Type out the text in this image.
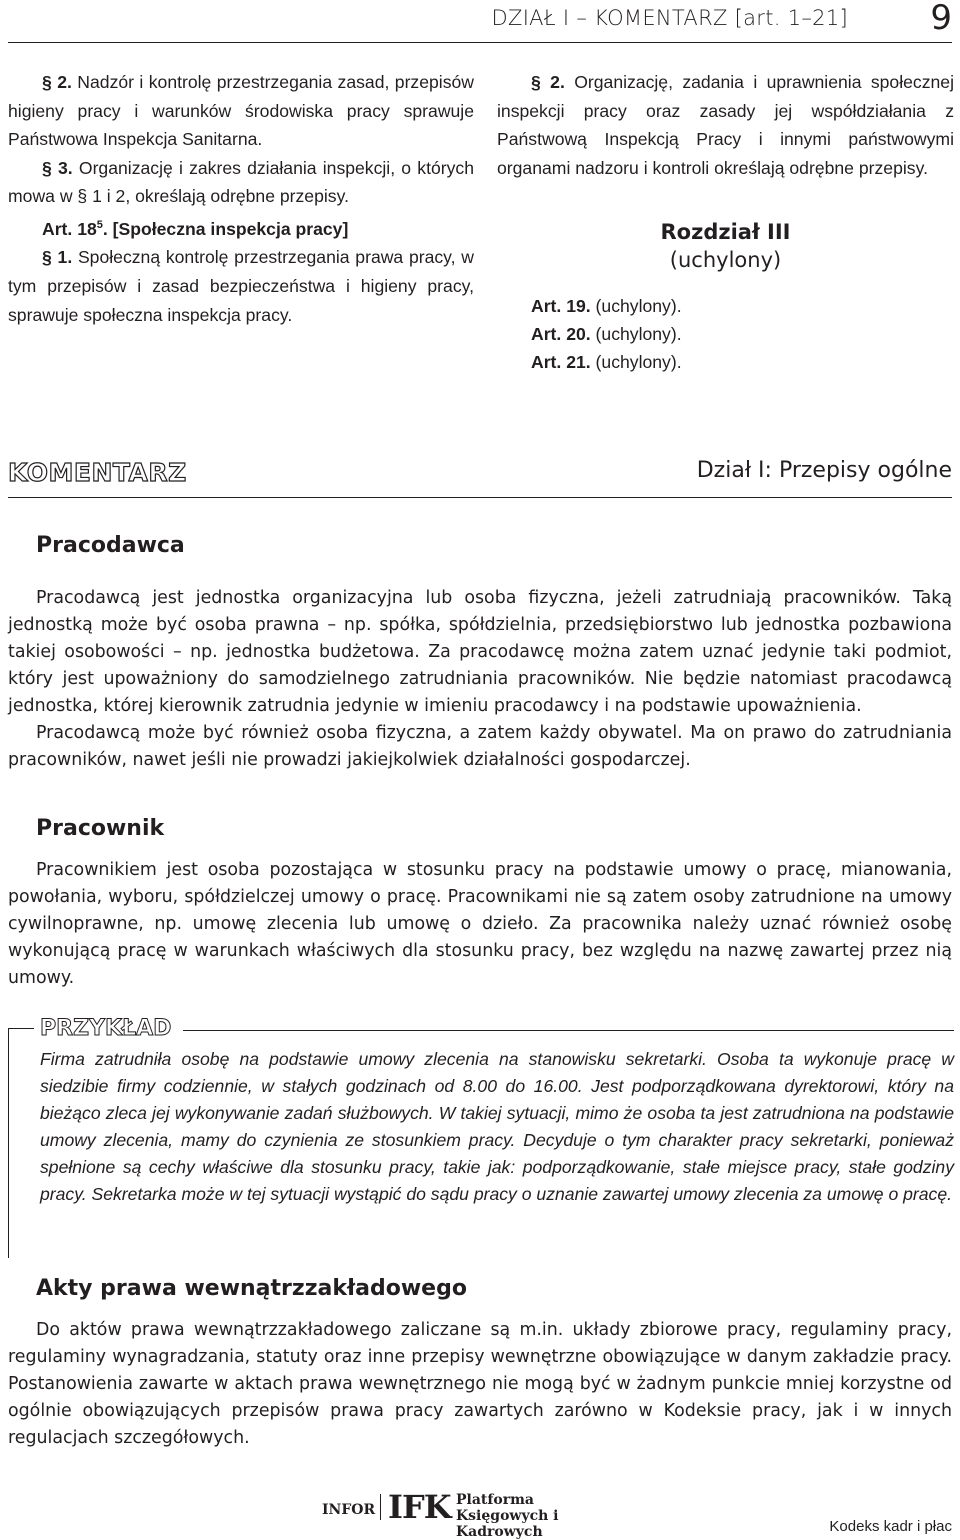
DZIAŁ I – KOMENTARZ [art. 1–21] 9

§ 2. Nadzór i kontrolę przestrzegania zasad, przepisów higieny pracy i warunków środowiska pracy sprawuje Państwowa Inspekcja Sanitarna.

§ 3. Organizację i zakres działania inspekcji, o których mowa w § 1 i 2, określają odrębne przepisy.

Art. $18^5$. [Społeczna inspekcja pracy]

§ 1. Społeczną kontrolę przestrzegania prawa pracy, w tym przepisów i zasad bezpieczeństwa i higieny pracy, sprawuje społeczna inspekcja pracy.

§ 2. Organizację, zadania i uprawnienia społecznej inspekcji pracy oraz zasady jej współdziałania z Państwową Inspekcją Pracy i innymi państwowymi organami nadzoru i kontroli określają odrębne przepisy.

Rozdział III
(uchylony)

Art. 19. (uchylony).

Art. 20. (uchylony).

Art. 21. (uchylony).

KOMENTARZ	Dział I: Przepisy ogólne
Pracodawca

Pracodawcą jest jednostka organizacyjna lub osoba fizyczna, jeżeli zatrudniają pracowników. Taką jednostką może być osoba prawna – np. spółka, spółdzielnia, przedsiębiorstwo lub jednostka pozbawiona takiej osobowości – np. jednostka budżetowa. Za pracodawcę można zatem uznać jedynie taki podmiot, który jest upoważniony do samodzielnego zatrudniania pracowników. Nie będzie natomiast pracodawcą jednostka, której kierownik zatrudnia jedynie w imieniu pracodawcy i na podstawie upoważnienia.

Pracodawcą może być również osoba fizyczna, a zatem każdy obywatel. Ma on prawo do zatrudniania pracowników, nawet jeśli nie prowadzi jakiejkolwiek działalności gospodarczej.

Pracownik

Pracownikiem jest osoba pozostająca w stosunku pracy na podstawie umowy o pracę, mianowania, powołania, wyboru, spółdzielczej umowy o pracę. Pracownikami nie są zatem osoby zatrudnione na umowy cywilnoprawne, np. umowę zlecenia lub umowę o dzieło. Za pracownika należy uznać również osobę wykonującą pracę w warunkach właściwych dla stosunku pracy, bez względu na nazwę zawartej przez nią umowy.

PRZYKŁAD
Firma zatrudniła osobę na podstawie umowy zlecenia na stanowisku sekretarki. Osoba ta wykonuje pracę w siedzibie firmy codziennie, w stałych godzinach od 8.00 do 16.00. Jest podporządkowana dyrektorowi, który na bieżąco zleca jej wykonywanie zadań służbowych. W takiej sytuacji, mimo że osoba ta jest zatrudniona na podstawie umowy zlecenia, mamy do czynienia ze stosunkiem pracy. Decyduje o tym charakter pracy sekretarki, ponieważ spełnione są cechy właściwe dla stosunku pracy, takie jak: podporządkowanie, stałe miejsce pracy, stałe godziny pracy. Sekretarka może w tej sytuacji wystąpić do sądu pracy o uznanie zawartej umowy zlecenia za umowę o pracę.
Akty prawa wewnątrzzakładowego

Do aktów prawa wewnątrzzakładowego zaliczane są m.in. układy zbiorowe pracy, regulaminy pracy, regulaminy wynagradzania, statuty oraz inne przepisy wewnętrzne obowiązujące w danym zakładzie pracy. Postanowienia zawarte w aktach prawa wewnętrznego nie mogą być w żadnym punkcie mniej korzystne od ogólnie obowiązujących przepisów prawa pracy zawartych zarówno w Kodeksie pracy, jak i w innych regulacjach szczegółowych.

INFOR IFK Platforma
Księgowych i Kadrowych	Kodeks kadr i płac
